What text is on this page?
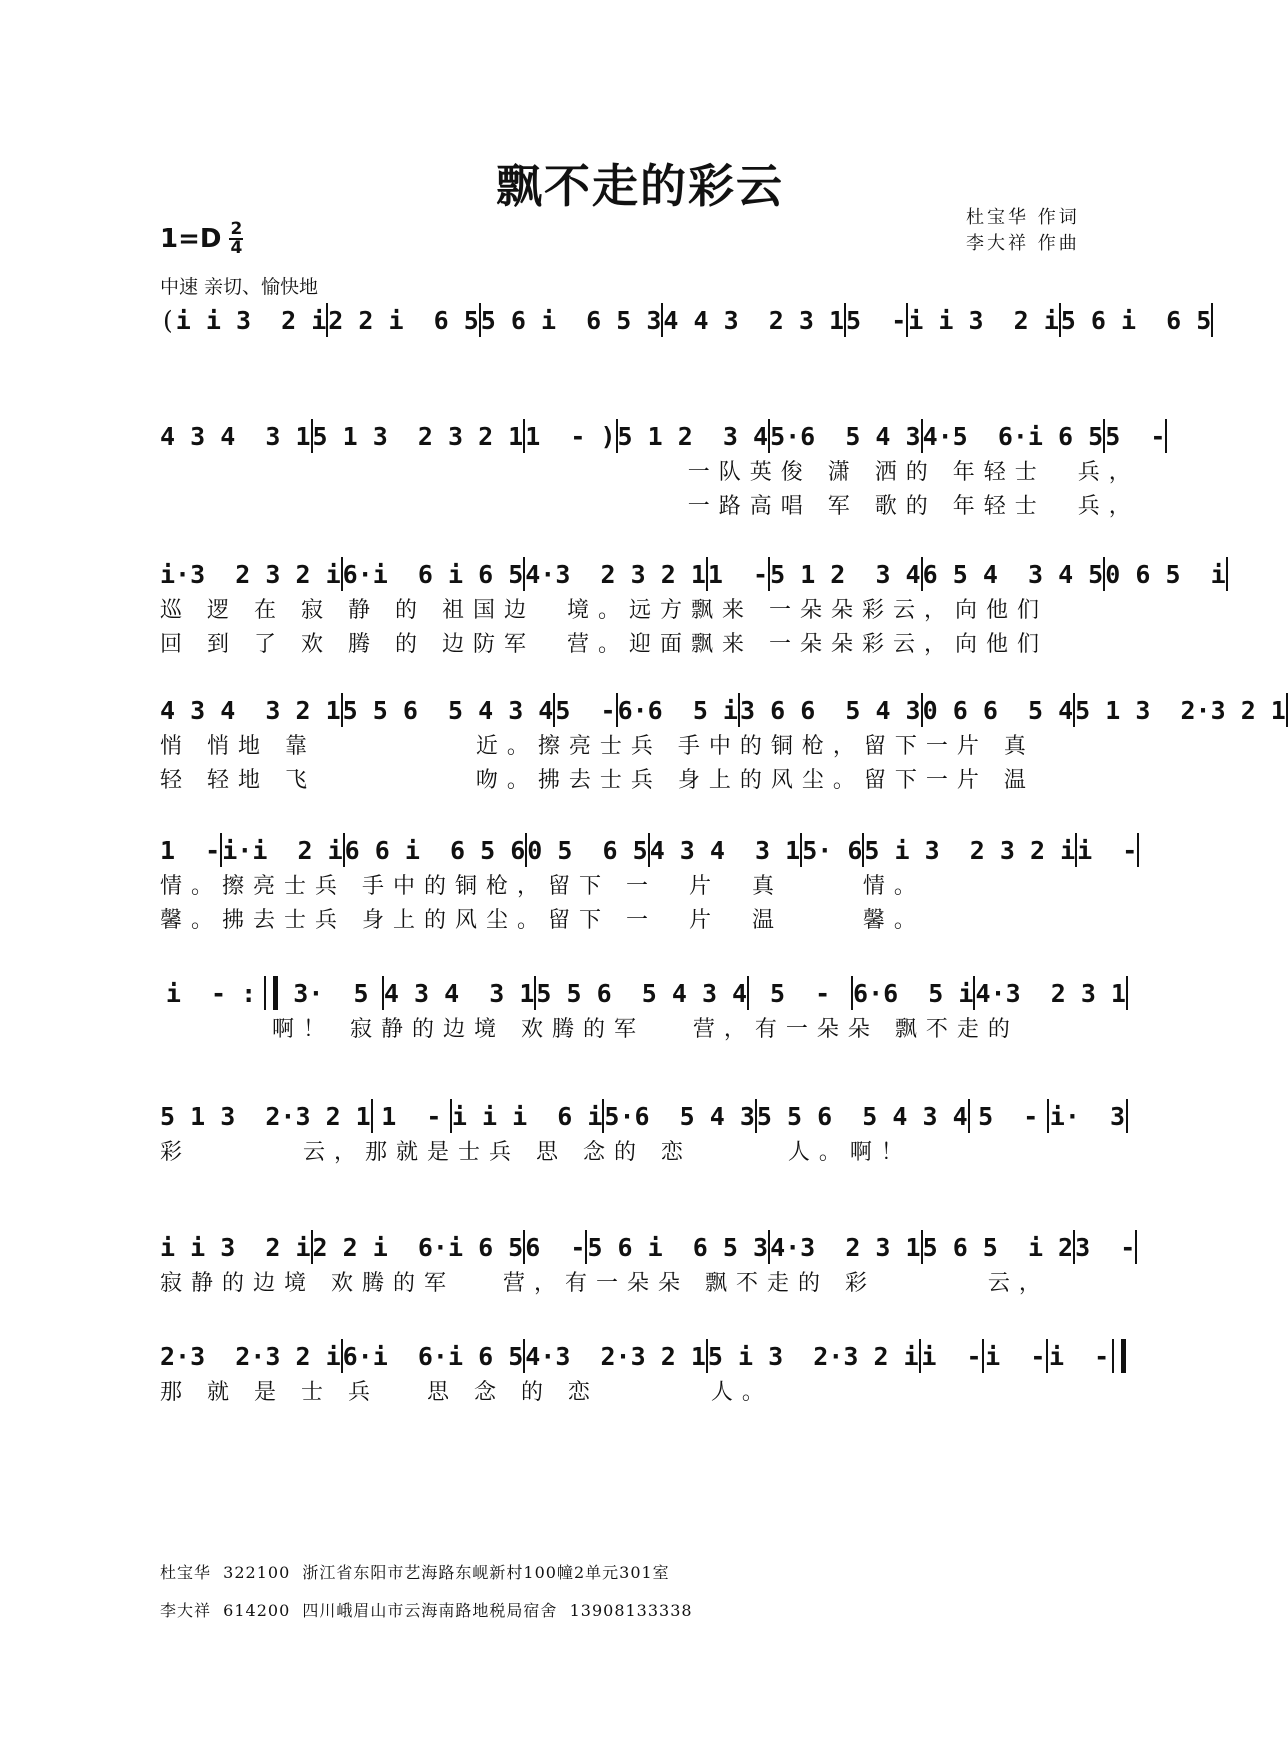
飘不走的彩云
杜宝华 作词
李大祥 作曲
1=D 2
4
中速 亲切、愉快地
( i i 3  2 i 2 2 i  6 5 5 6 i  6 5 3 4 4 3  2 3 1 5  - i i 3  2 i 5 6 i  6 5
4 3 4  3 1 5 1 3  2 3 2 1 1  - ) 5 1 2  3 4 5·6  5 4 3 4·5  6·i 6 5 5  -
一队英俊 潇 洒的 年轻士  兵，
一路高唱 军 歌的 年轻士  兵，
i·3  2 3 2 i 6·i  6 i 6 5 4·3  2 3 2 1 1  - 5 1 2  3 4 6 5 4  3 4 5 0 6 5  i
巡 逻 在 寂 静 的 祖国边  境。远方飘来 一朵朵彩云，向他们
回 到 了 欢 腾 的 边防军  营。迎面飘来 一朵朵彩云，向他们
4 3 4  3 2 1 5 5 6  5 4 3 4 5  - 6·6  5 i 3 6 6  5 4 3 0 6 6  5 4 5 1 3  2·3 2 1
悄 悄地 靠          近。擦亮士兵 手中的铜枪，留下一片 真
轻 轻地 飞          吻。拂去士兵 身上的风尘。留下一片 温
1  - i·i  2 i 6 6 i  6 5 6 0 5  6 5 4 3 4  3 1 5· 6 5 i 3  2 3 2 i i  -
情。擦亮士兵 手中的铜枪，留下 一  片  真     情。
馨。拂去士兵 身上的风尘。留下 一  片  温     馨。
i  - :	3·  5 4 3 4  3 1 5 5 6  5 4 3 4 5  - 6·6  5 i 4·3  2 3 1
啊！ 寂静的边境 欢腾的军   营，有一朵朵 飘不走的
5 1 3  2·3 2 1 1  - i i i  6 i 5·6  5 4 3 5 5 6  5 4 3 4 5  - i·  3
彩       云，那就是士兵 思 念的 恋      人。啊！
i i 3  2 i 2 2 i  6·i 6 5 6  - 5 6 i  6 5 3 4·3  2 3 1 5 6 5  i 2 3  -
寂静的边境 欢腾的军   营，有一朵朵 飘不走的 彩       云，
2·3  2·3 2 i 6·i  6·i 6 5 4·3  2·3 2 1 5 i 3  2·3 2 i i  - i  - i  -
那 就 是 士 兵   思 念 的 恋       人。
杜宝华  322100  浙江省东阳市艺海路东岘新村100幢2单元301室
李大祥  614200  四川峨眉山市云海南路地税局宿舍  13908133338
